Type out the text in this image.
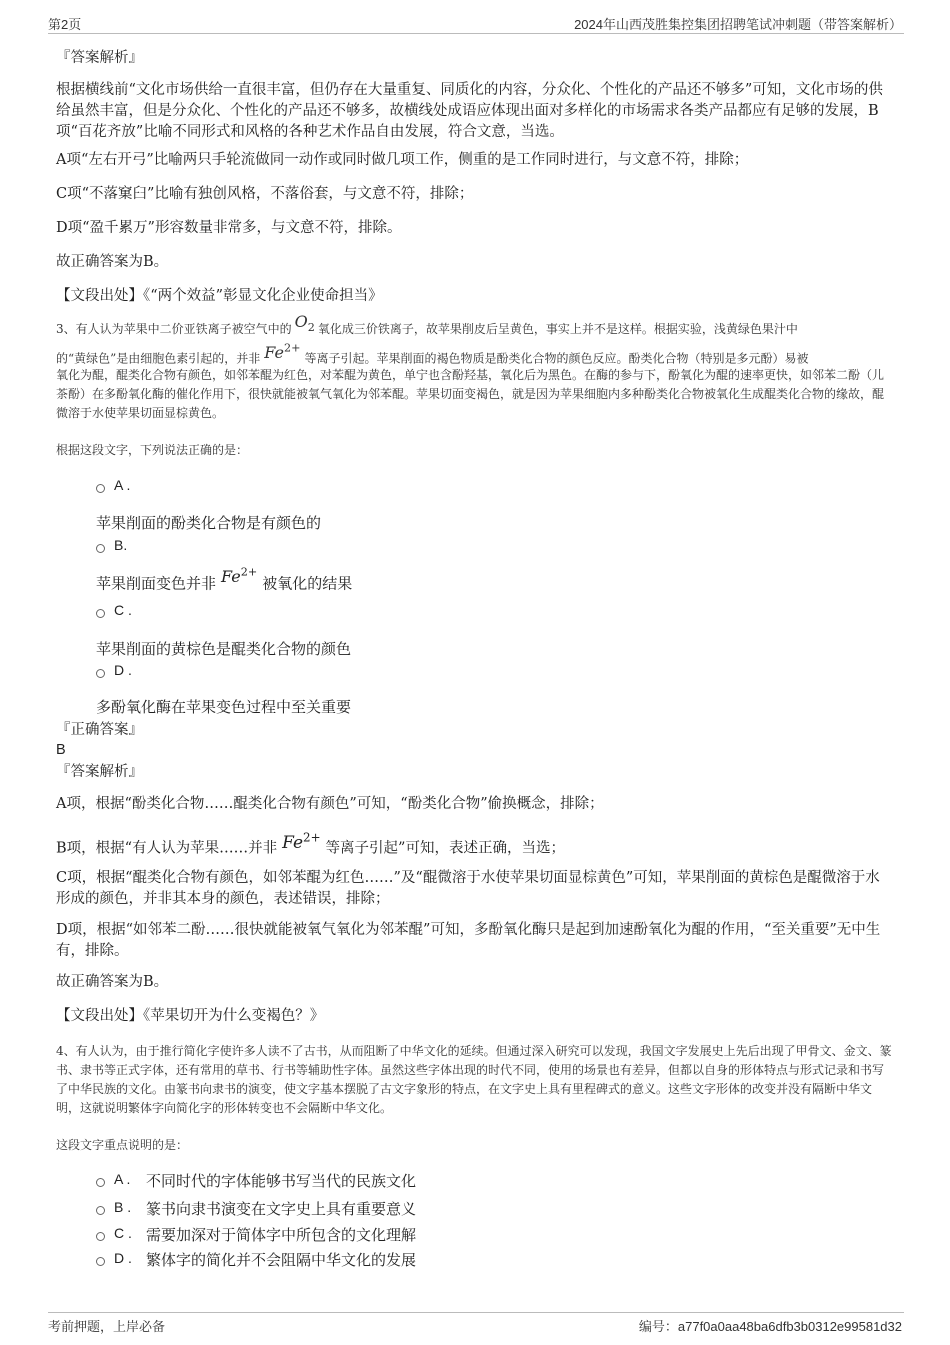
第2页	2024年山西茂胜集控集团招聘笔试冲刺题（带答案解析）
『答案解析』
根据横线前“文化市场供给一直很丰富，但仍存在大量重复、同质化的内容，分众化、个性化的产品还不够多”可知，文化市场的供给虽然丰富，但是分众化、个性化的产品还不够多，故横线处成语应体现出面对多样化的市场需求各类产品都应有足够的发展，B项“百花齐放”比喻不同形式和风格的各种艺术作品自由发展，符合文意，当选。
A项“左右开弓”比喻两只手轮流做同一动作或同时做几项工作，侧重的是工作同时进行，与文意不符，排除；
C项“不落窠臼”比喻有独创风格，不落俗套，与文意不符，排除；
D项“盈千累万”形容数量非常多，与文意不符，排除。
故正确答案为B。
【文段出处】《“两个效益”彰显文化企业使命担当》
3、有人认为苹果中二价亚铁离子被空气中的 $O_2$ 氧化成三价铁离子，故苹果削皮后呈黄色，事实上并不是这样。根据实验，浅黄绿色果汁中
的“黄绿色”是由细胞色素引起的，并非 $Fe^{2+}$等离子引起。苹果削面的褐色物质是酚类化合物的颜色反应。酚类化合物（特别是多元酚）易被
氧化为醌，醌类化合物有颜色，如邻苯醌为红色，对苯醌为黄色，单宁也含酚羟基，氧化后为黑色。在酶的参与下，酚氧化为醌的速率更快，如邻苯二酚（儿茶酚）在多酚氧化酶的催化作用下，很快就能被氧气氧化为邻苯醌。苹果切面变褐色，就是因为苹果细胞内多种酚类化合物被氧化生成醌类化合物的缘故，醌微溶于水使苹果切面显棕黄色。
根据这段文字，下列说法正确的是：
A .
苹果削面的酚类化合物是有颜色的
B.
苹果削面变色并非 $Fe^{2+}$被氧化的结果
C .
苹果削面的黄棕色是醌类化合物的颜色
D .
多酚氧化酶在苹果变色过程中至关重要
『正确答案』
B
『答案解析』
A项，根据“酚类化合物……醌类化合物有颜色”可知，“酚类化合物”偷换概念，排除；
B项，根据“有人认为苹果……并非 $Fe^{2+}$等离子引起”可知，表述正确，当选；
C项，根据“醌类化合物有颜色，如邻苯醌为红色……”及“醌微溶于水使苹果切面显棕黄色”可知，苹果削面的黄棕色是醌微溶于水形成的颜色，并非其本身的颜色，表述错误，排除；
D项，根据“如邻苯二酚……很快就能被氧气氧化为邻苯醌”可知，多酚氧化酶只是起到加速酚氧化为醌的作用，“至关重要”无中生有，排除。
故正确答案为B。
【文段出处】《苹果切开为什么变褐色？》
4、有人认为，由于推行简化字使许多人读不了古书，从而阻断了中华文化的延续。但通过深入研究可以发现，我国文字发展史上先后出现了甲骨文、金文、篆书、隶书等正式字体，还有常用的草书、行书等辅助性字体。虽然这些字体出现的时代不同，使用的场景也有差异，但都以自身的形体特点与形式记录和书写了中华民族的文化。由篆书向隶书的演变，使文字基本摆脱了古文字象形的特点，在文字史上具有里程碑式的意义。这些文字形体的改变并没有隔断中华文明，这就说明繁体字向简化字的形体转变也不会隔断中华文化。
这段文字重点说明的是：
A . 不同时代的字体能够书写当代的民族文化
B . 篆书向隶书演变在文字史上具有重要意义
C . 需要加深对于简体字中所包含的文化理解
D . 繁体字的简化并不会阻隔中华文化的发展
考前押题，上岸必备	编号：a77f0a0aa48ba6dfb3b0312e99581d32
